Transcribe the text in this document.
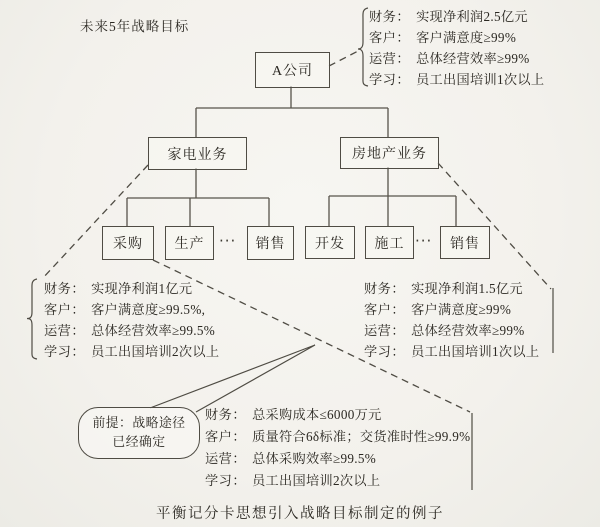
未来5年战略目标
A公司
家电业务	房地产业务
采购	生产 ···	销售	开发	施工 ···	销售
财务： 实现净利润2.5亿元
客户： 客户满意度≥99%
运营： 总体经营效率≥99%
学习： 员工出国培训1次以上
财务： 实现净利润1亿元
客户： 客户满意度≥99.5%,
运营： 总体经营效率≥99.5%
学习： 员工出国培训2次以上
财务： 实现净利润1.5亿元
客户： 客户满意度≥99%
运营： 总体经营效率≥99%
学习： 员工出国培训1次以上
财务： 总采购成本≤6000万元
客户： 质量符合6δ标准；交货准时性≥99.9%
运营： 总体采购效率≥99.5%
学习： 员工出国培训2次以上
前提：战略途径
已经确定
平衡记分卡思想引入战略目标制定的例子
